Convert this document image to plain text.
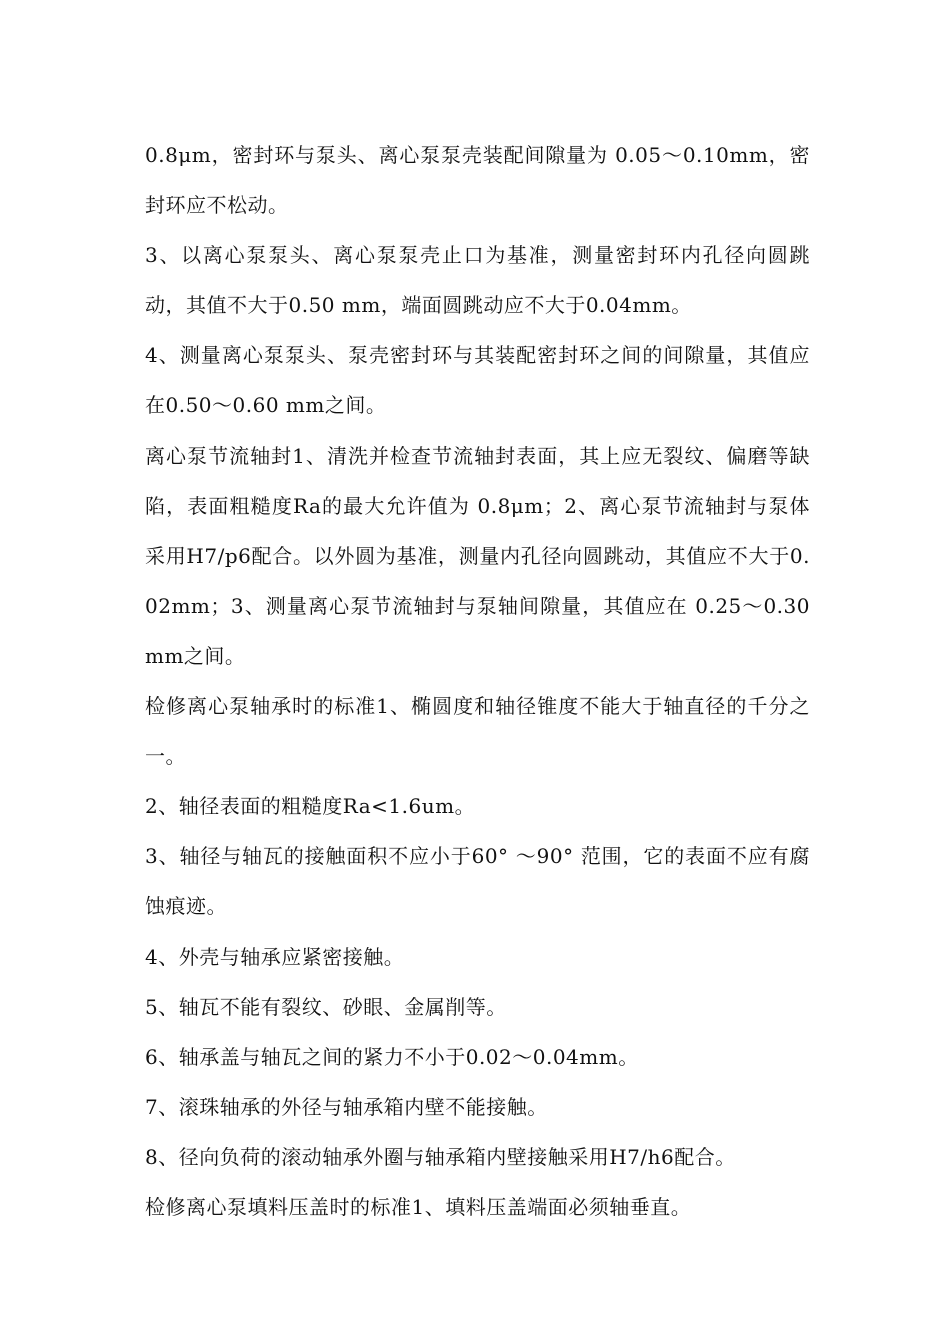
0.8μm，密封环与泵头、离心泵泵壳装配间隙量为 0.05～0.10mm，密封环应不松动。

3、以离心泵泵头、离心泵泵壳止口为基准，测量密封环内孔径向圆跳动，其值不大于0.50 mm，端面圆跳动应不大于0.04mm。

4、测量离心泵泵头、泵壳密封环与其装配密封环之间的间隙量，其值应在0.50～0.60 mm之间。

离心泵节流轴封1、清洗并检查节流轴封表面，其上应无裂纹、偏磨等缺陷，表面粗糙度Ra的最大允许值为 0.8μm；2、离心泵节流轴封与泵体采用H7/p6配合。以外圆为基准，测量内孔径向圆跳动，其值应不大于0.02mm；3、测量离心泵节流轴封与泵轴间隙量，其值应在 0.25～0.30 mm之间。

检修离心泵轴承时的标准1、椭圆度和轴径锥度不能大于轴直径的千分之一。

2、轴径表面的粗糙度Ra<1.6um。

3、轴径与轴瓦的接触面积不应小于60° ～90° 范围，它的表面不应有腐蚀痕迹。

4、外壳与轴承应紧密接触。

5、轴瓦不能有裂纹、砂眼、金属削等。

6、轴承盖与轴瓦之间的紧力不小于0.02～0.04mm。

7、滚珠轴承的外径与轴承箱内壁不能接触。

8、径向负荷的滚动轴承外圈与轴承箱内壁接触采用H7/h6配合。

检修离心泵填料压盖时的标准1、填料压盖端面必须轴垂直。
